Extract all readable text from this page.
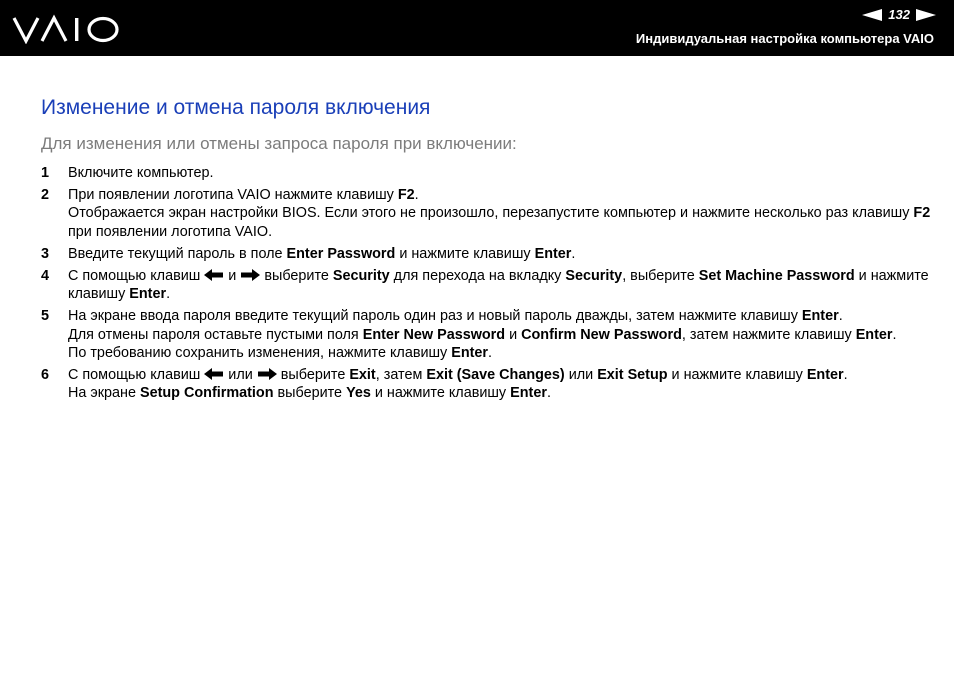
132
Индивидуальная настройка компьютера VAIO
Изменение и отмена пароля включения

Для изменения или отмены запроса пароля при включении:

1 Включите компьютер.
2 При появлении логотипа VAIO нажмите клавишу F2.
Отображается экран настройки BIOS. Если этого не произошло, перезапустите компьютер и нажмите несколько раз клавишу F2 при появлении логотипа VAIO.
3 Введите текущий пароль в поле Enter Password и нажмите клавишу Enter.
4 С помощью клавиш  и  выберите Security для перехода на вкладку Security, выберите Set Machine Password и нажмите клавишу Enter.
5 На экране ввода пароля введите текущий пароль один раз и новый пароль дважды, затем нажмите клавишу Enter.
Для отмены пароля оставьте пустыми поля Enter New Password и Confirm New Password, затем нажмите клавишу Enter.
По требованию сохранить изменения, нажмите клавишу Enter.
6 С помощью клавиш  или  выберите Exit, затем Exit (Save Changes) или Exit Setup и нажмите клавишу Enter.
На экране Setup Confirmation выберите Yes и нажмите клавишу Enter.
